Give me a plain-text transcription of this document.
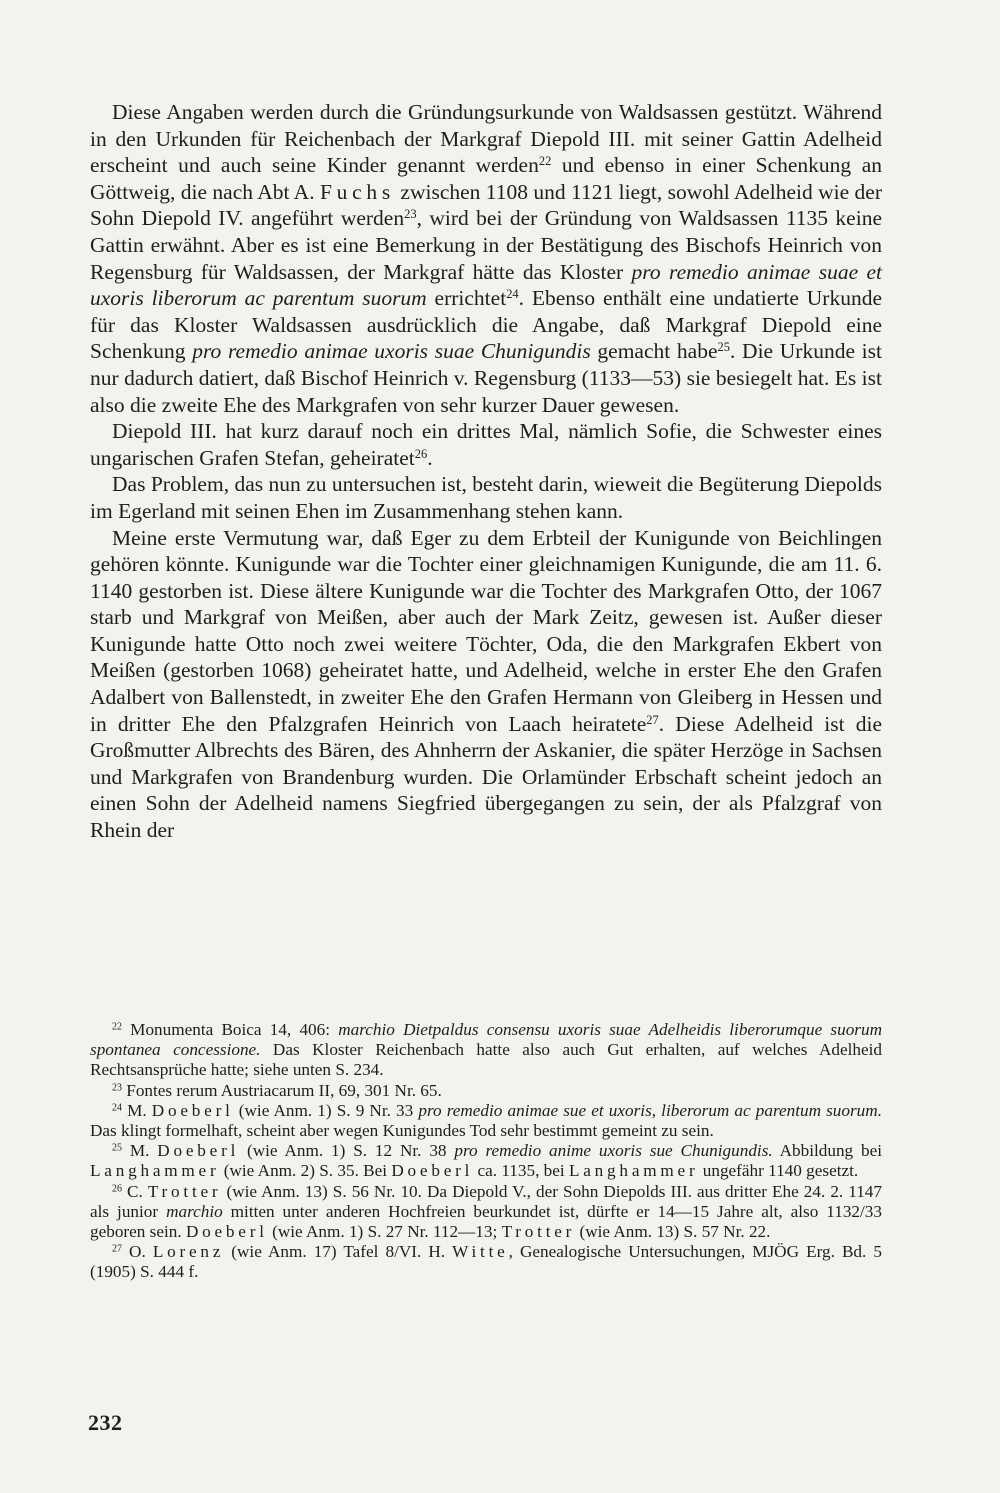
Diese Angaben werden durch die Gründungsurkunde von Waldsassen gestützt. Während in den Urkunden für Reichenbach der Markgraf Diepold III. mit seiner Gattin Adelheid erscheint und auch seine Kinder genannt werden$^{22}$ und ebenso in einer Schenkung an Göttweig, die nach Abt A. Fuchs zwischen 1108 und 1121 liegt, sowohl Adelheid wie der Sohn Diepold IV. angeführt werden$^{23}$, wird bei der Gründung von Waldsassen 1135 keine Gattin erwähnt. Aber es ist eine Bemerkung in der Bestätigung des Bischofs Heinrich von Regensburg für Waldsassen, der Markgraf hätte das Kloster pro remedio animae suae et uxoris liberorum ac parentum suorum errichtet$^{24}$. Ebenso enthält eine undatierte Urkunde für das Kloster Waldsassen ausdrücklich die Angabe, daß Markgraf Diepold eine Schenkung pro remedio animae uxoris suae Chunigundis gemacht habe$^{25}$. Die Urkunde ist nur dadurch datiert, daß Bischof Heinrich v. Regensburg (1133—53) sie besiegelt hat. Es ist also die zweite Ehe des Markgrafen von sehr kurzer Dauer gewesen.

Diepold III. hat kurz darauf noch ein drittes Mal, nämlich Sofie, die Schwester eines ungarischen Grafen Stefan, geheiratet$^{26}$.

Das Problem, das nun zu untersuchen ist, besteht darin, wieweit die Begüterung Diepolds im Egerland mit seinen Ehen im Zusammenhang stehen kann.

Meine erste Vermutung war, daß Eger zu dem Erbteil der Kunigunde von Beichlingen gehören könnte. Kunigunde war die Tochter einer gleichnamigen Kunigunde, die am 11. 6. 1140 gestorben ist. Diese ältere Kunigunde war die Tochter des Markgrafen Otto, der 1067 starb und Markgraf von Meißen, aber auch der Mark Zeitz, gewesen ist. Außer dieser Kunigunde hatte Otto noch zwei weitere Töchter, Oda, die den Markgrafen Ekbert von Meißen (gestorben 1068) geheiratet hatte, und Adelheid, welche in erster Ehe den Grafen Adalbert von Ballenstedt, in zweiter Ehe den Grafen Hermann von Gleiberg in Hessen und in dritter Ehe den Pfalzgrafen Heinrich von Laach heiratete$^{27}$. Diese Adelheid ist die Großmutter Albrechts des Bären, des Ahnherrn der Askanier, die später Herzöge in Sachsen und Markgrafen von Brandenburg wurden. Die Orlamünder Erbschaft scheint jedoch an einen Sohn der Adelheid namens Siegfried übergegangen zu sein, der als Pfalzgraf von Rhein der

$^{22}$ Monumenta Boica 14, 406: marchio Dietpaldus consensu uxoris suae Adelheidis liberorumque suorum spontanea concessione. Das Kloster Reichenbach hatte also auch Gut erhalten, auf welches Adelheid Rechtsansprüche hatte; siehe unten S. 234.

$^{23}$ Fontes rerum Austriacarum II, 69, 301 Nr. 65.

$^{24}$ M. Doeberl (wie Anm. 1) S. 9 Nr. 33 pro remedio animae sue et uxoris, liberorum ac parentum suorum. Das klingt formelhaft, scheint aber wegen Kunigundes Tod sehr bestimmt gemeint zu sein.

$^{25}$ M. Doeberl (wie Anm. 1) S. 12 Nr. 38 pro remedio anime uxoris sue Chunigundis. Abbildung bei Langhammer (wie Anm. 2) S. 35. Bei Doeberl ca. 1135, bei Langhammer ungefähr 1140 gesetzt.

$^{26}$ C. Trotter (wie Anm. 13) S. 56 Nr. 10. Da Diepold V., der Sohn Diepolds III. aus dritter Ehe 24. 2. 1147 als junior marchio mitten unter anderen Hochfreien beurkundet ist, dürfte er 14—15 Jahre alt, also 1132/33 geboren sein. Doeberl (wie Anm. 1) S. 27 Nr. 112—13; Trotter (wie Anm. 13) S. 57 Nr. 22.

$^{27}$ O. Lorenz (wie Anm. 17) Tafel 8/VI. H. Witte, Genealogische Untersuchungen, MJÖG Erg. Bd. 5 (1905) S. 444 f.

232
